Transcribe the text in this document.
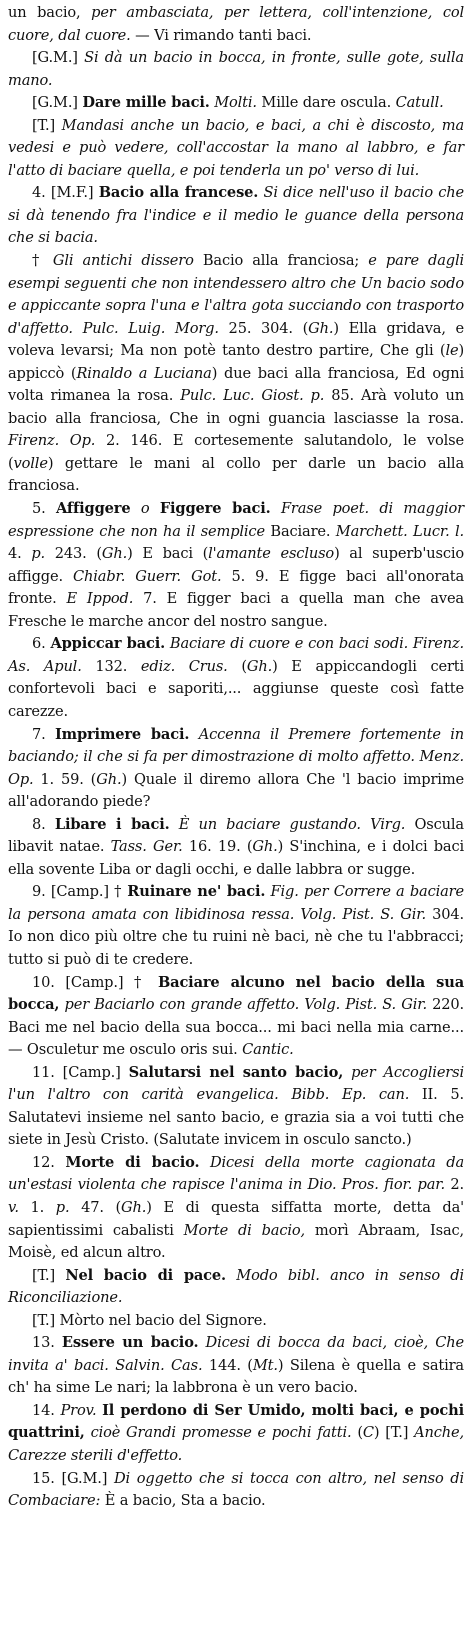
un bacio, per ambasciata, per lettera, coll'intenzione, col cuore, dal cuore. — Vi rimando tanti baci.

[G.M.] Si dà un bacio in bocca, in fronte, sulle gote, sulla mano.

[G.M.] Dare mille baci. Molti. Mille dare oscula. Catull.

[T.] Mandasi anche un bacio, e baci, a chi è discosto, ma vedesi e può vedere, coll'accostar la mano al labbro, e far l'atto di baciare quella, e poi tenderla un po' verso di lui.

4. [M.F.] Bacio alla francese. Si dice nell'uso il bacio che si dà tenendo fra l'indice e il medio le guance della persona che si bacia.

† Gli antichi dissero Bacio alla franciosa; e pare dagli esempi seguenti che non intendessero altro che Un bacio sodo e appiccante sopra l'una e l'altra gota succiando con trasporto d'affetto. Pulc. Luig. Morg. 25. 304. (Gh.) Ella gridava, e voleva levarsi; Ma non potè tanto destro partire, Che gli (le) appiccò (Rinaldo a Luciana) due baci alla franciosa, Ed ogni volta rimanea la rosa. Pulc. Luc. Giost. p. 85. Arà voluto un bacio alla franciosa, Che in ogni guancia lasciasse la rosa. Firenz. Op. 2. 146. E cortesemente salutandolo, le volse (volle) gettare le mani al collo per darle un bacio alla franciosa.

5. Affiggere o Figgere baci. Frase poet. di maggior espressione che non ha il semplice Baciare. Marchett. Lucr. l. 4. p. 243. (Gh.) E baci (l'amante escluso) al superb'uscio affigge. Chiabr. Guerr. Got. 5. 9. E figge baci all'onorata fronte. E Ippod. 7. E figger baci a quella man che avea Fresche le marche ancor del nostro sangue.

6. Appiccar baci. Baciare di cuore e con baci sodi. Firenz. As. Apul. 132. ediz. Crus. (Gh.) E appiccandogli certi confortevoli baci e saporiti,... aggiunse queste così fatte carezze.

7. Imprimere baci. Accenna il Premere fortemente in baciando; il che si fa per dimostrazione di molto affetto. Menz. Op. 1. 59. (Gh.) Quale il diremo allora Che 'l bacio imprime all'adorando piede?

8. Libare i baci. È un baciare gustando. Virg. Oscula libavit natae. Tass. Ger. 16. 19. (Gh.) S'inchina, e i dolci baci ella sovente Liba or dagli occhi, e dalle labbra or sugge.

9. [Camp.] † Ruinare ne' baci. Fig. per Correre a baciare la persona amata con libidinosa ressa. Volg. Pist. S. Gir. 304. Io non dico più oltre che tu ruini nè baci, nè che tu l'abbracci; tutto si può di te credere.

10. [Camp.] † Baciare alcuno nel bacio della sua bocca, per Baciarlo con grande affetto. Volg. Pist. S. Gir. 220. Baci me nel bacio della sua bocca... mi baci nella mia carne... — Osculetur me osculo oris sui. Cantic.

11. [Camp.] Salutarsi nel santo bacio, per Accogliersi l'un l'altro con carità evangelica. Bibb. Ep. can. II. 5. Salutatevi insieme nel santo bacio, e grazia sia a voi tutti che siete in Jesù Cristo. (Salutate invicem in osculo sancto.)

12. Morte di bacio. Dicesi della morte cagionata da un'estasi violenta che rapisce l'anima in Dio. Pros. fior. par. 2. v. 1. p. 47. (Gh.) E di questa siffatta morte, detta da' sapientissimi cabalisti Morte di bacio, morì Abraam, Isac, Moisè, ed alcun altro.

[T.] Nel bacio di pace. Modo bibl. anco in senso di Riconciliazione.

[T.] Mòrto nel bacio del Signore.

13. Essere un bacio. Dicesi di bocca da baci, cioè, Che invita a' baci. Salvin. Cas. 144. (Mt.) Silena è quella e satira ch' ha sime Le nari; la labbrona è un vero bacio.

14. Prov. Il perdono di Ser Umido, molti baci, e pochi quattrini, cioè Grandi promesse e pochi fatti. (C) [T.] Anche, Carezze sterili d'effetto.

15. [G.M.] Di oggetto che si tocca con altro, nel senso di Combaciare: È a bacio, Sta a bacio.
